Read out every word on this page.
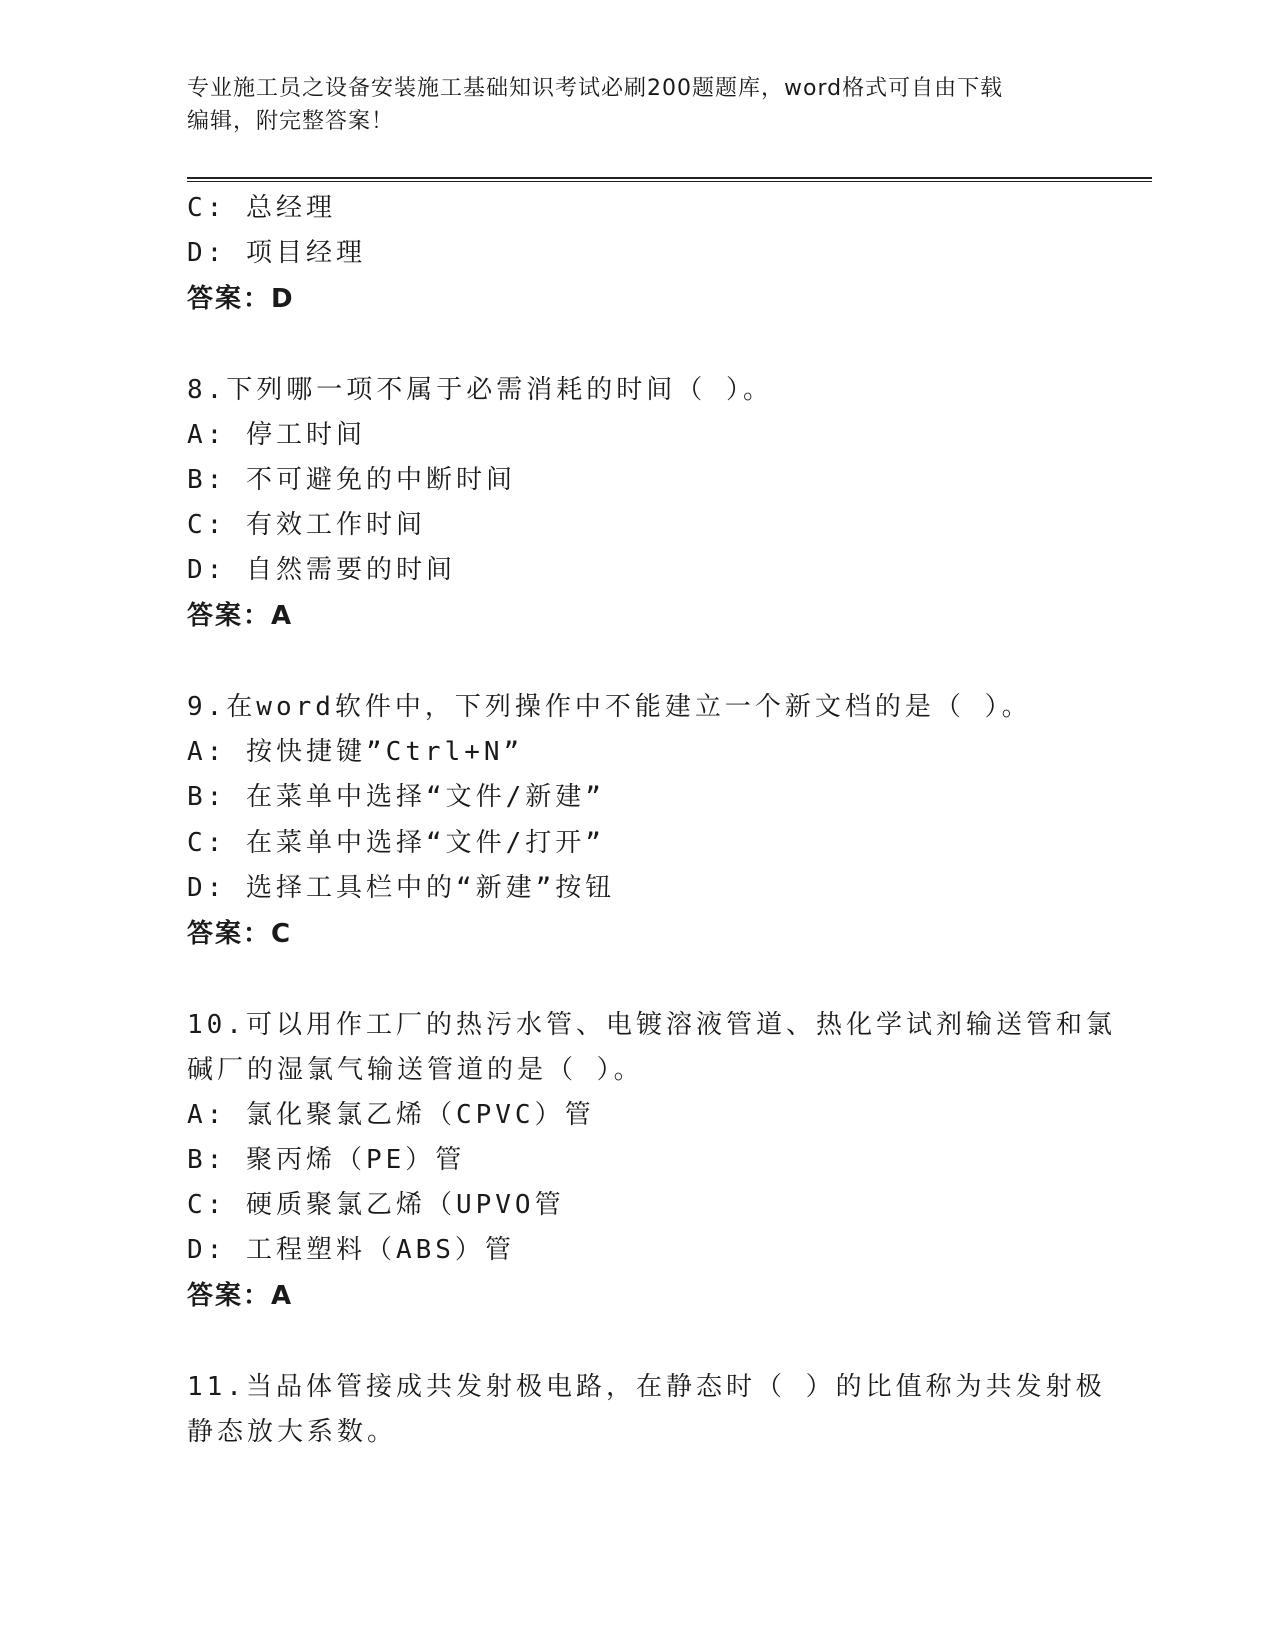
专业施工员之设备安装施工基础知识考试必刷200题题库，word格式可自由下载
编辑，附完整答案！
C: 总经理
D: 项目经理
答案：D
8.下列哪一项不属于必需消耗的时间（ ）。
A: 停工时间
B: 不可避免的中断时间
C: 有效工作时间
D: 自然需要的时间
答案：A
9.在word软件中，下列操作中不能建立一个新文档的是（ ）。
A: 按快捷键”Ctrl+N”
B: 在菜单中选择“文件/新建”
C: 在菜单中选择“文件/打开”
D: 选择工具栏中的“新建”按钮
答案：C
10.可以用作工厂的热污水管、电镀溶液管道、热化学试剂输送管和氯
碱厂的湿氯气输送管道的是（ ）。
A: 氯化聚氯乙烯（CPVC）管
B: 聚丙烯（PE）管
C: 硬质聚氯乙烯（UPVO管
D: 工程塑料（ABS）管
答案：A
11.当品体管接成共发射极电路，在静态时（ ）的比值称为共发射极
静态放大系数。
